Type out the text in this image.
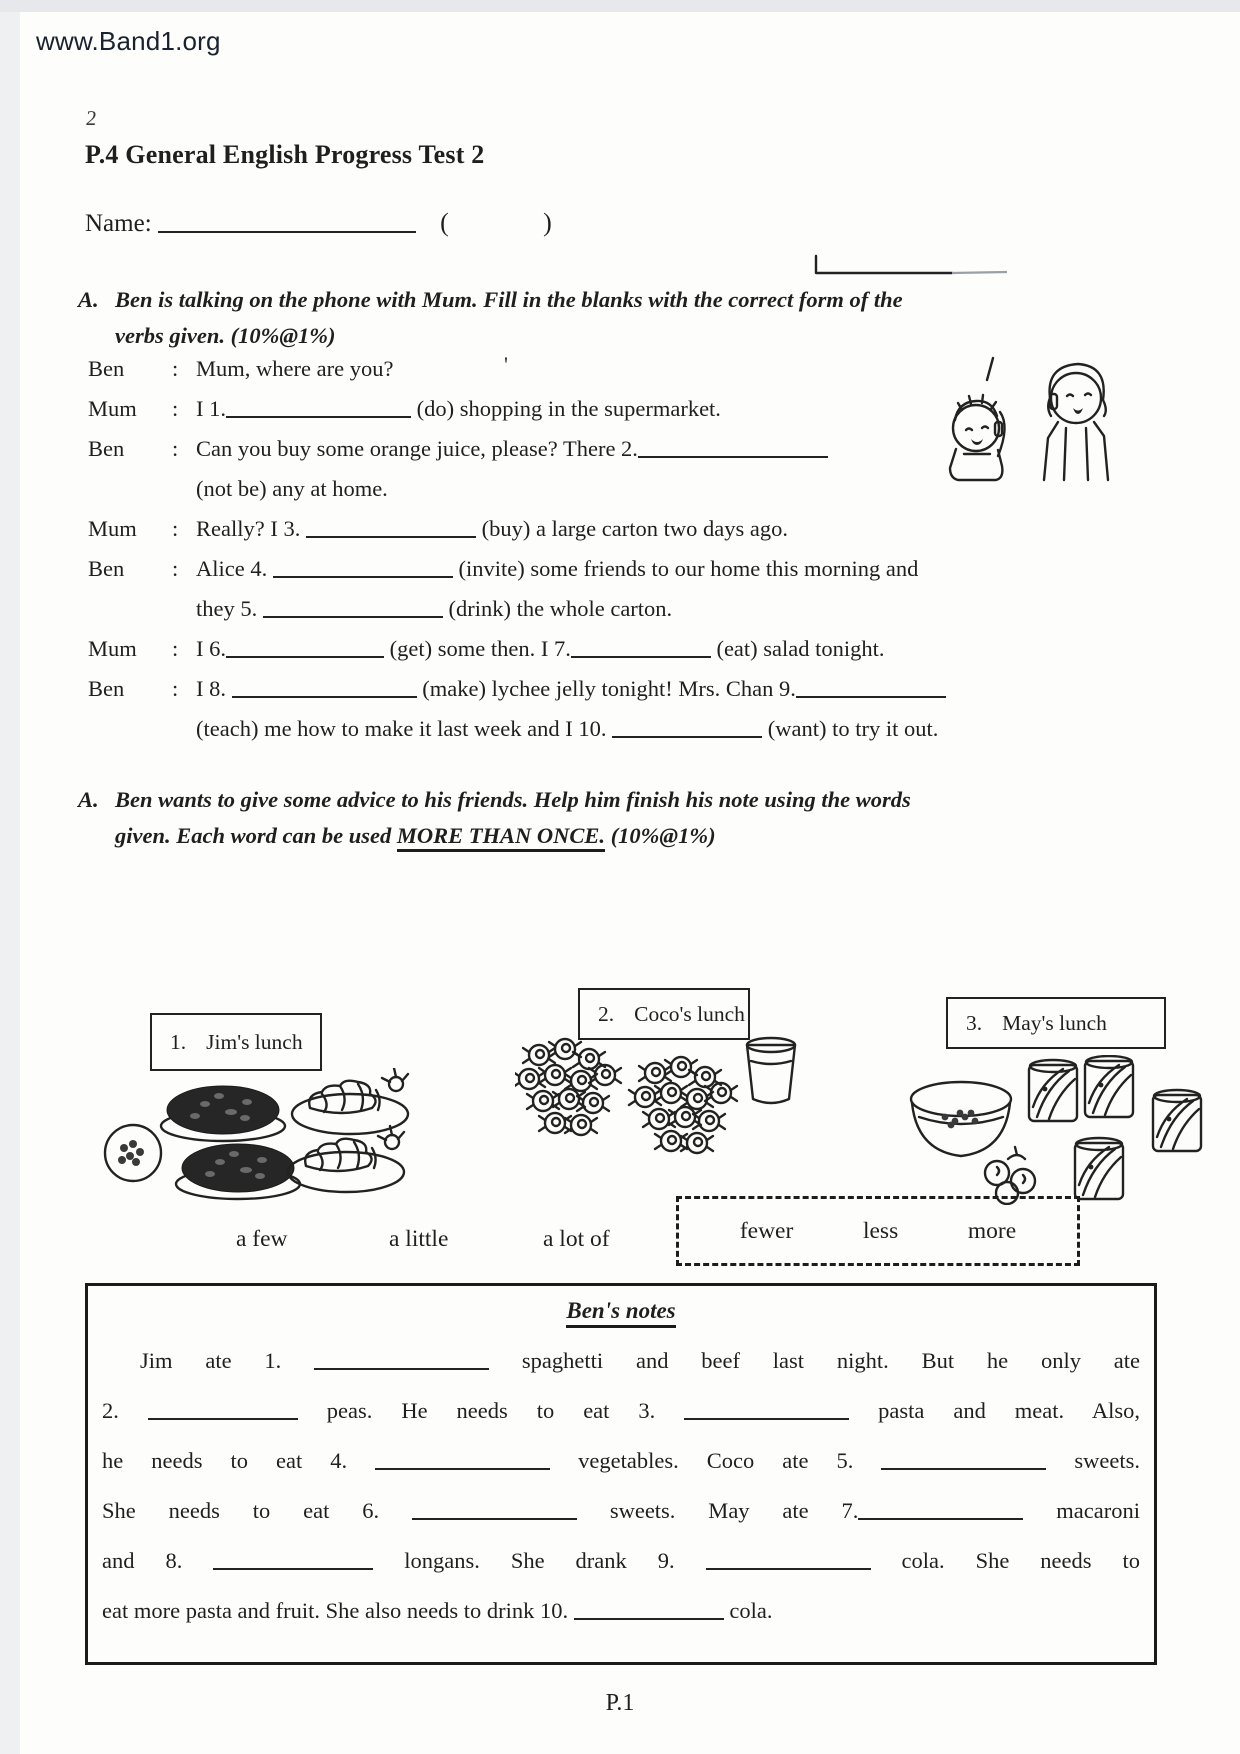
www.Band1.org
2
P.4 General English Progress Test 2
Name:	(	)
A. Ben is talking on the phone with Mum. Fill in the blanks with the correct form of the
verbs given. (10%@1%)
'
Ben	: Mum, where are you?
Mum	: I 1.	(do) shopping in the supermarket.
Ben	: Can you buy some orange juice, please? There 2.
(not be) any at home.
Mum	: Really? I 3.	(buy) a large carton two days ago.
Ben	: Alice 4.	(invite) some friends to our home this morning and
they 5.	(drink) the whole carton.
Mum	: I 6.	(get) some then. I 7.	(eat) salad tonight.
Ben	: I 8.	(make) lychee jelly tonight! Mrs. Chan 9.
(teach) me how to make it last week and I 10.	(want) to try it out.
A. Ben wants to give some advice to his friends. Help him finish his note using the words
given. Each word can be used MORE THAN ONCE. (10%@1%)
1. Jim's lunch
2. Coco's lunch	3. May's lunch
a few	a little	a lot of	fewer	less	more
Ben's notes
Jim ate 1.	spaghetti and beef last night. But he only ate
2.	peas. He needs to eat 3.	pasta and meat. Also,
he needs to eat 4.	vegetables. Coco ate 5.	sweets.
She needs to eat 6.	sweets. May ate 7.	macaroni
and 8.	longans. She drank 9.	cola. She needs to
eat more pasta and fruit. She also needs to drink 10.	cola.
P.1
